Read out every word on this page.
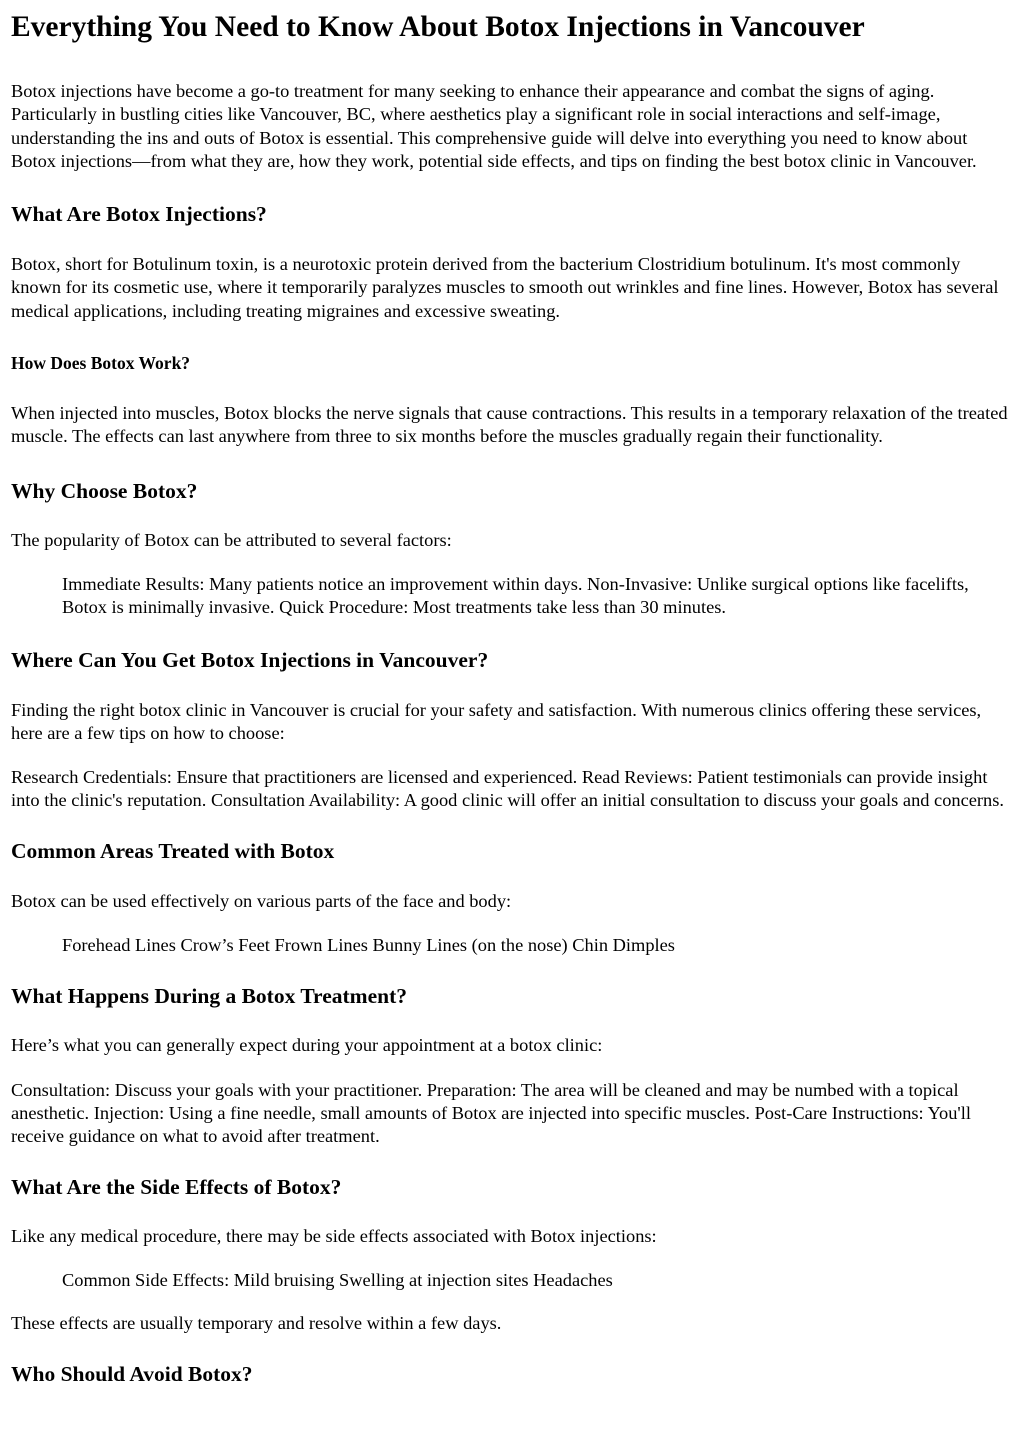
Everything You Need to Know About Botox Injections in Vancouver

Botox injections have become a go-to treatment for many seeking to enhance their appearance and combat the signs of aging. Particularly in bustling cities like Vancouver, BC, where aesthetics play a significant role in social interactions and self-image, understanding the ins and outs of Botox is essential. This comprehensive guide will delve into everything you need to know about Botox injections—from what they are, how they work, potential side effects, and tips on finding the best botox clinic in Vancouver.

What Are Botox Injections?

Botox, short for Botulinum toxin, is a neurotoxic protein derived from the bacterium Clostridium botulinum. It's most commonly known for its cosmetic use, where it temporarily paralyzes muscles to smooth out wrinkles and fine lines. However, Botox has several medical applications, including treating migraines and excessive sweating.

How Does Botox Work?

When injected into muscles, Botox blocks the nerve signals that cause contractions. This results in a temporary relaxation of the treated muscle. The effects can last anywhere from three to six months before the muscles gradually regain their functionality.

Why Choose Botox?

The popularity of Botox can be attributed to several factors:

Immediate Results: Many patients notice an improvement within days. Non-Invasive: Unlike surgical options like facelifts, Botox is minimally invasive. Quick Procedure: Most treatments take less than 30 minutes.
Where Can You Get Botox Injections in Vancouver?

Finding the right botox clinic in Vancouver is crucial for your safety and satisfaction. With numerous clinics offering these services, here are a few tips on how to choose:

Research Credentials: Ensure that practitioners are licensed and experienced. Read Reviews: Patient testimonials can provide insight into the clinic's reputation. Consultation Availability: A good clinic will offer an initial consultation to discuss your goals and concerns.

Common Areas Treated with Botox

Botox can be used effectively on various parts of the face and body:

Forehead Lines Crow’s Feet Frown Lines Bunny Lines (on the nose) Chin Dimples
What Happens During a Botox Treatment?

Here’s what you can generally expect during your appointment at a botox clinic:

Consultation: Discuss your goals with your practitioner. Preparation: The area will be cleaned and may be numbed with a topical anesthetic. Injection: Using a fine needle, small amounts of Botox are injected into specific muscles. Post-Care Instructions: You'll receive guidance on what to avoid after treatment.

What Are the Side Effects of Botox?

Like any medical procedure, there may be side effects associated with Botox injections:

Common Side Effects: Mild bruising Swelling at injection sites Headaches

These effects are usually temporary and resolve within a few days.

Who Should Avoid Botox?
